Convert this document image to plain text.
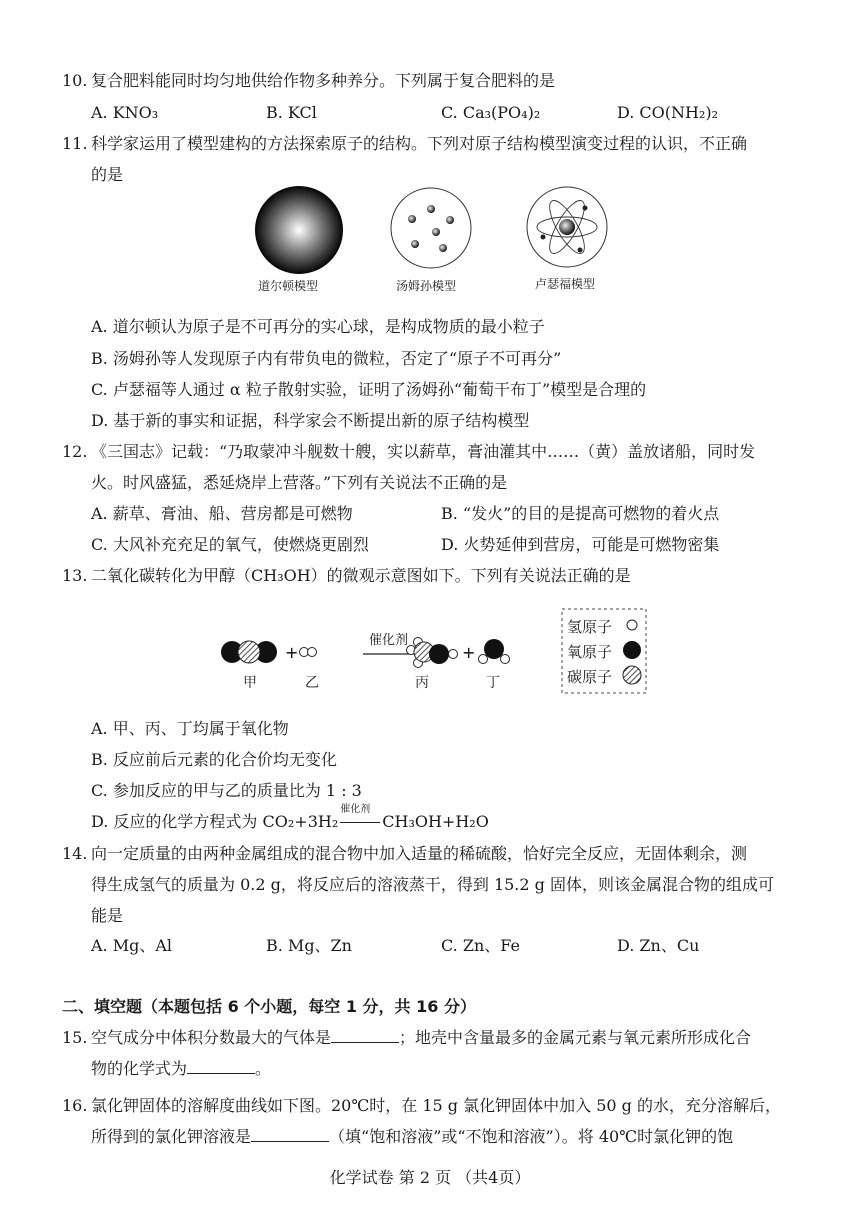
10. 复合肥料能同时均匀地供给作物多种养分。下列属于复合肥料的是
A. KNO₃	B. KCl	C. Ca₃(PO₄)₂	D. CO(NH₂)₂
11. 科学家运用了模型建构的方法探索原子的结构。下列对原子结构模型演变过程的认识，不正确
的是
道尔顿模型	汤姆孙模型	卢瑟福模型
A. 道尔顿认为原子是不可再分的实心球，是构成物质的最小粒子
B. 汤姆孙等人发现原子内有带负电的微粒，否定了“原子不可再分”
C. 卢瑟福等人通过 α 粒子散射实验，证明了汤姆孙“葡萄干布丁”模型是合理的
D. 基于新的事实和证据，科学家会不断提出新的原子结构模型
12. 《三国志》记载：“乃取蒙冲斗舰数十艘，实以薪草，膏油灌其中……（黄）盖放诸船，同时发
火。时风盛猛，悉延烧岸上营落。”下列有关说法不正确的是
A. 薪草、膏油、船、营房都是可燃物	B. “发火”的目的是提高可燃物的着火点
C. 大风补充充足的氧气，使燃烧更剧烈	D. 火势延伸到营房，可能是可燃物密集
13. 二氧化碳转化为甲醇（CH₃OH）的微观示意图如下。下列有关说法正确的是
+	+
催化剂
甲	乙	丙	丁
氢原子
氧原子
碳原子
A. 甲、丙、丁均属于氧化物
B. 反应前后元素的化合价均无变化
C. 参加反应的甲与乙的质量比为 1 : 3
D. 反应的化学方程式为 CO₂+3H₂
催化剂
CH₃OH+H₂O
14. 向一定质量的由两种金属组成的混合物中加入适量的稀硫酸，恰好完全反应，无固体剩余，测
得生成氢气的质量为 0.2 g，将反应后的溶液蒸干，得到 15.2 g 固体，则该金属混合物的组成可
能是
A. Mg、Al	B. Mg、Zn	C. Zn、Fe	D. Zn、Cu
二、填空题（本题包括 6 个小题，每空 1 分，共 16 分）
15. 空气成分中体积分数最大的气体是	；地壳中含量最多的金属元素与氧元素所形成化合
物的化学式为	。
16. 氯化钾固体的溶解度曲线如下图。20℃时，在 15 g 氯化钾固体中加入 50 g 的水，充分溶解后，
所得到的氯化钾溶液是	（填“饱和溶液”或“不饱和溶液”）。将 40℃时氯化钾的饱
化学试卷 第 2 页 （共4页）
